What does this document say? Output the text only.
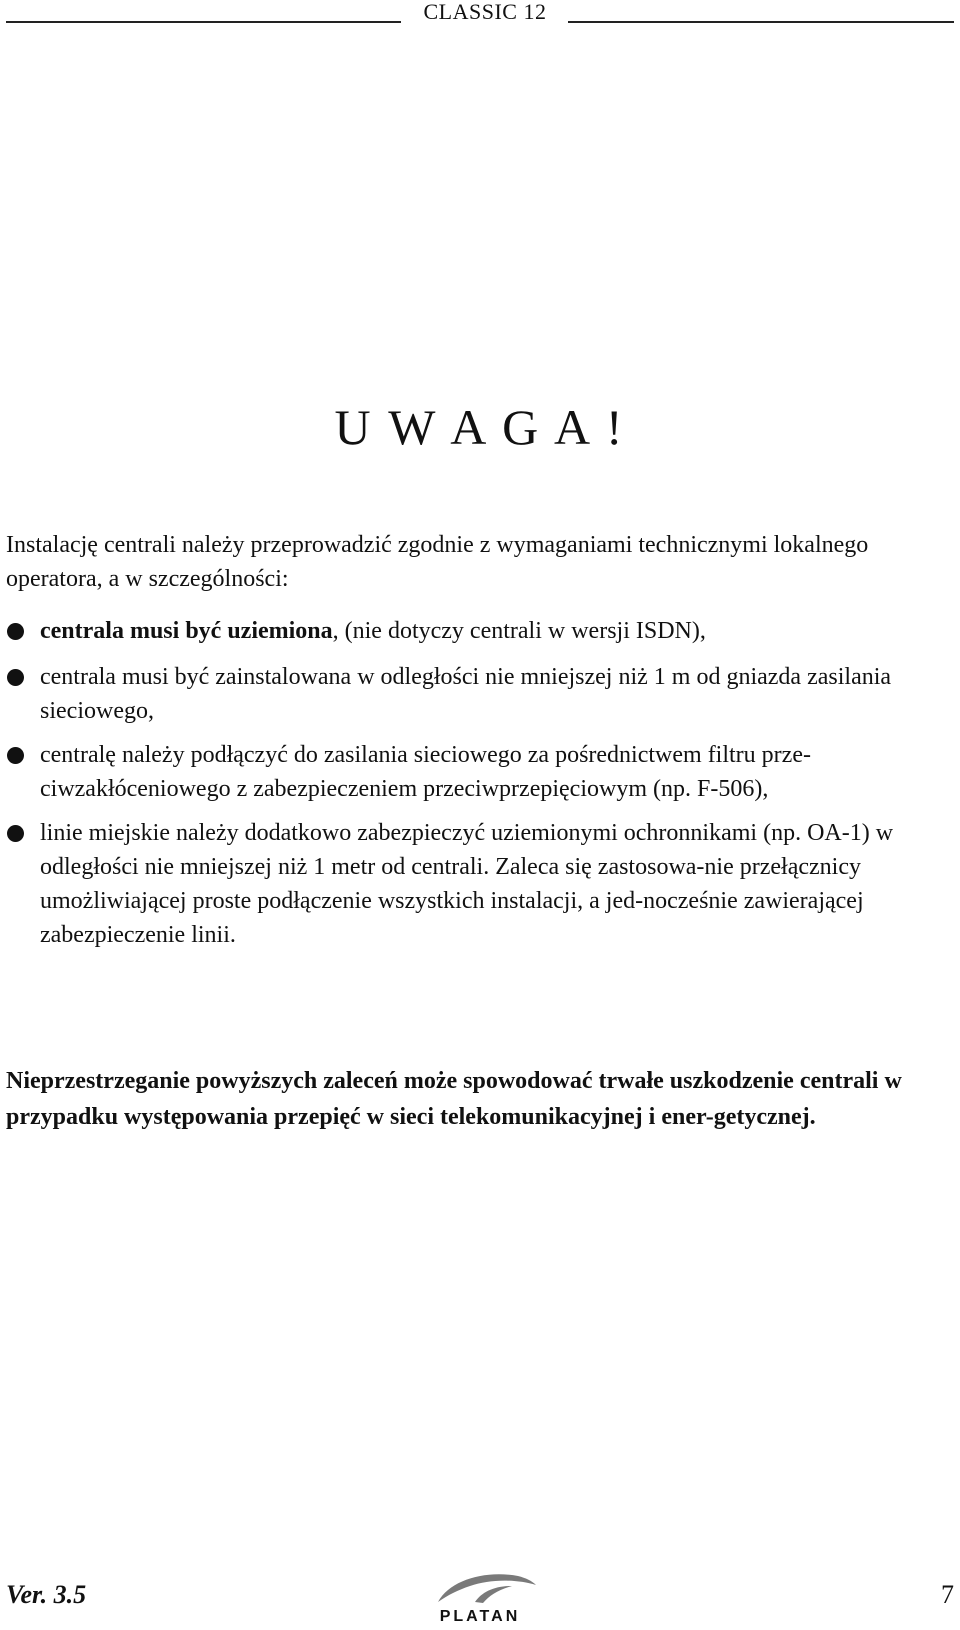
CLASSIC 12
U W A G A !

Instalację centrali należy przeprowadzić zgodnie z wymaganiami technicznymi lokalnego operatora, a w szczególności:

centrala musi być uziemiona, (nie dotyczy centrali w wersji ISDN),
centrala musi być zainstalowana w odległości nie mniejszej niż 1 m od gniazda zasilania sieciowego,
centralę należy podłączyć do zasilania sieciowego za pośrednictwem filtru prze-ciwzakłóceniowego z zabezpieczeniem przeciwprzepięciowym (np. F-506),
linie miejskie należy dodatkowo zabezpieczyć uziemionymi ochronnikami (np. OA-1) w odległości nie mniejszej niż 1 metr od centrali. Zaleca się zastosowa-nie przełącznicy umożliwiającej proste podłączenie wszystkich instalacji, a jed-nocześnie zawierającej zabezpieczenie linii.

Nieprzestrzeganie powyższych zaleceń może spowodować trwałe uszkodzenie centrali w przypadku występowania przepięć w sieci telekomunikacyjnej i ener-getycznej.

Ver. 3.5
PLATAN
7
